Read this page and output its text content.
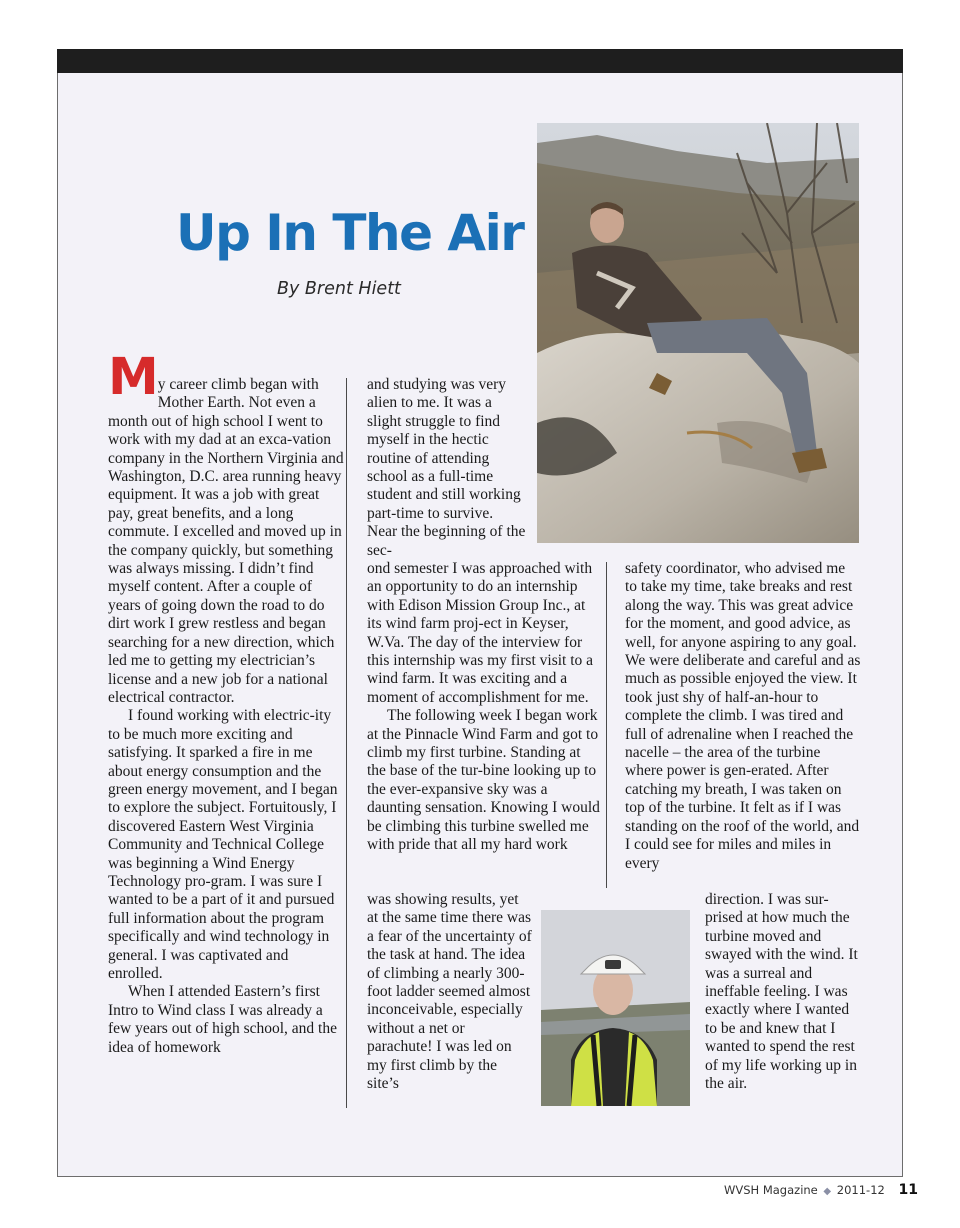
Up In The Air
By Brent Hiett

My career climb began with Mother Earth. Not even a month out of high school I went to work with my dad at an exca-vation company in the Northern Virginia and Washington, D.C. area running heavy equipment. It was a job with great pay, great benefits, and a long commute. I excelled and moved up in the company quickly, but something was always missing. I didn’t find myself content. After a couple of years of going down the road to do dirt work I grew restless and began searching for a new direction, which led me to getting my electrician’s license and a new job for a national electrical contractor.

I found working with electric-ity to be much more exciting and satisfying. It sparked a fire in me about energy consumption and the green energy movement, and I began to explore the subject. Fortuitously, I discovered Eastern West Virginia Community and Technical College was beginning a Wind Energy Technology pro-gram. I was sure I wanted to be a part of it and pursued full information about the program specifically and wind technology in general. I was captivated and enrolled.

When I attended Eastern’s first Intro to Wind class I was already a few years out of high school, and the idea of homework

and studying was very alien to me. It was a slight struggle to find myself in the hectic routine of attending school as a full-time student and still working part-time to survive. Near the beginning of the sec-

ond semester I was approached with an opportunity to do an internship with Edison Mission Group Inc., at its wind farm proj-ect in Keyser, W.Va. The day of the interview for this internship was my first visit to a wind farm. It was exciting and a moment of accomplishment for me.

The following week I began work at the Pinnacle Wind Farm and got to climb my first turbine. Standing at the base of the tur-bine looking up to the ever-expansive sky was a daunting sensation. Knowing I would be climbing this turbine swelled me with pride that all my hard work

was showing results, yet at the same time there was a fear of the uncertainty of the task at hand. The idea of climbing a nearly 300-foot ladder seemed almost inconceivable, especially without a net or parachute! I was led on my first climb by the site’s
safety coordinator, who advised me to take my time, take breaks and rest along the way. This was great advice for the moment, and good advice, as well, for anyone aspiring to any goal. We were deliberate and careful and as much as possible enjoyed the view. It took just shy of half-an-hour to complete the climb. I was tired and full of adrenaline when I reached the nacelle – the area of the turbine where power is gen-erated. After catching my breath, I was taken on top of the turbine. It felt as if I was standing on the roof of the world, and I could see for miles and miles in every
direction. I was sur-prised at how much the turbine moved and swayed with the wind. It was a surreal and ineffable feeling. I was exactly where I wanted to be and knew that I wanted to spend the rest of my life working up in the air.
WVSH Magazine ◆ 2011-12 11
